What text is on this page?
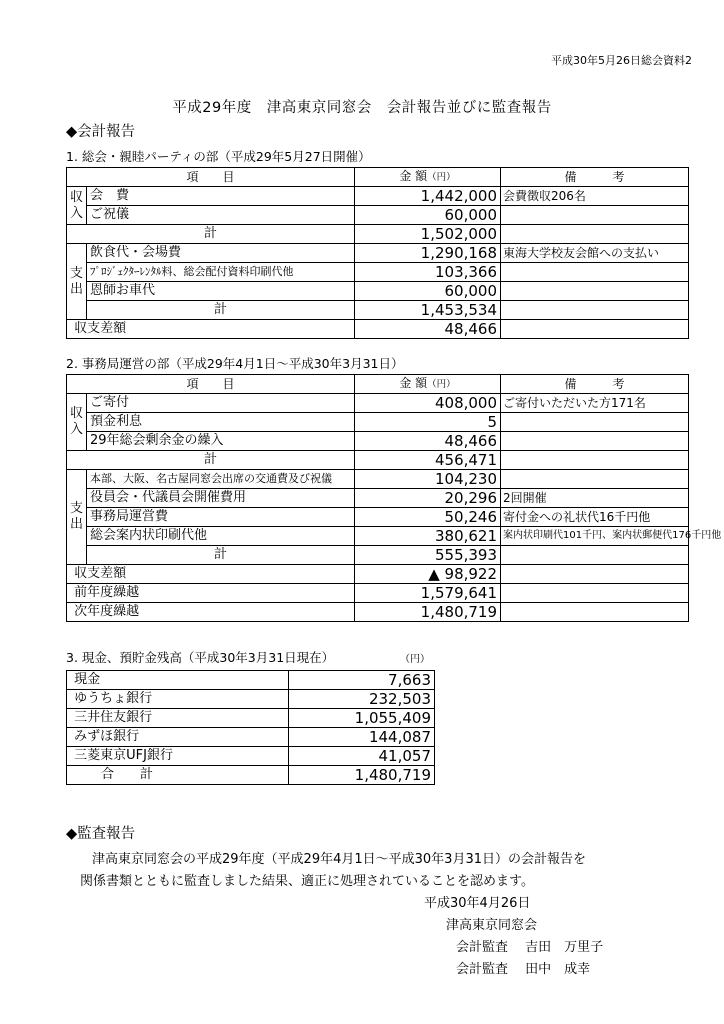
平成30年5月26日総会資料2
平成29年度　津高東京同窓会　会計報告並びに監査報告
◆会計報告
1. 総会・親睦パーティの部（平成29年5月27日開催）
項　　目		金 額（円）	備　　　考
収入	会　費	1,442,000	会費徴収206名
	ご祝儀	60,000	
計		1,502,000	
支出	飲食代・会場費	1,290,168	東海大学校友会館への支払い
	ﾌﾟﾛｼﾞｪｸﾀｰﾚﾝﾀﾙ料、総会配付資料印刷代他	103,366	
	恩師お車代	60,000	
	計	1,453,534	
収支差額		48,466	
2. 事務局運営の部（平成29年4月1日～平成30年3月31日）
項　　目		金 額（円）	備　　　考
収入	ご寄付	408,000	ご寄付いただいた方171名
	預金利息	5	
	29年総会剰余金の繰入	48,466	
計		456,471	
支出	本部、大阪、名古屋同窓会出席の交通費及び祝儀	104,230	
	役員会・代議員会開催費用	20,296	2回開催
	事務局運営費	50,246	寄付金への礼状代16千円他
	総会案内状印刷代他	380,621	案内状印刷代101千円、案内状郵便代176千円他
	計	555,393	
収支差額		▲ 98,922	
前年度繰越		1,579,641	
次年度繰越		1,480,719	
3. 現金、預貯金残高（平成30年3月31日現在）	（円）
現金	7,663
ゆうちょ銀行	232,503
三井住友銀行	1,055,409
みずほ銀行	144,087
三菱東京UFJ銀行	41,057
合　　計	1,480,719
◆監査報告
津高東京同窓会の平成29年度（平成29年4月1日～平成30年3月31日）の会計報告を
関係書類とともに監査しました結果、適正に処理されていることを認めます。
平成30年4月26日
津高東京同窓会
会計監査　 吉田　万里子
会計監査　 田中　成幸
